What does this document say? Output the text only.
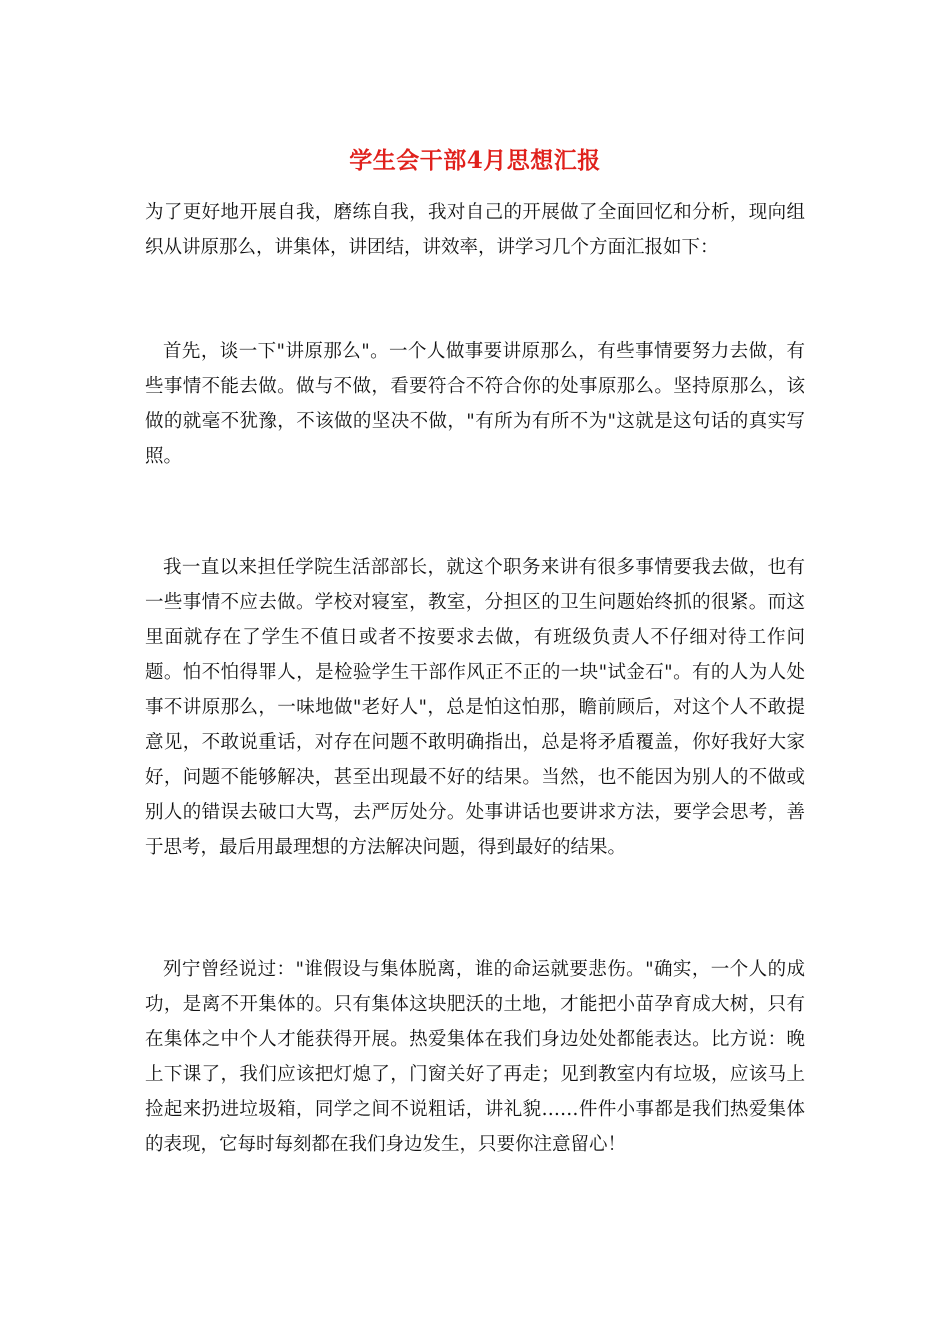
学生会干部4月思想汇报

为了更好地开展自我，磨练自我，我对自己的开展做了全面回忆和分析，现向组织从讲原那么，讲集体，讲团结，讲效率，讲学习几个方面汇报如下：

首先，谈一下"讲原那么"。一个人做事要讲原那么，有些事情要努力去做，有些事情不能去做。做与不做，看要符合不符合你的处事原那么。坚持原那么，该做的就毫不犹豫，不该做的坚决不做，"有所为有所不为"这就是这句话的真实写照。

我一直以来担任学院生活部部长，就这个职务来讲有很多事情要我去做，也有一些事情不应去做。学校对寝室，教室，分担区的卫生问题始终抓的很紧。而这里面就存在了学生不值日或者不按要求去做，有班级负责人不仔细对待工作问题。怕不怕得罪人，是检验学生干部作风正不正的一块"试金石"。有的人为人处事不讲原那么，一味地做"老好人"，总是怕这怕那，瞻前顾后，对这个人不敢提意见，不敢说重话，对存在问题不敢明确指出，总是将矛盾覆盖，你好我好大家好，问题不能够解决，甚至出现最不好的结果。当然，也不能因为别人的不做或别人的错误去破口大骂，去严厉处分。处事讲话也要讲求方法，要学会思考，善于思考，最后用最理想的方法解决问题，得到最好的结果。

列宁曾经说过："谁假设与集体脱离，谁的命运就要悲伤。"确实，一个人的成功，是离不开集体的。只有集体这块肥沃的土地，才能把小苗孕育成大树，只有在集体之中个人才能获得开展。热爱集体在我们身边处处都能表达。比方说：晚上下课了，我们应该把灯熄了，门窗关好了再走；见到教室内有垃圾，应该马上捡起来扔进垃圾箱，同学之间不说粗话，讲礼貌……件件小事都是我们热爱集体的表现，它每时每刻都在我们身边发生，只要你注意留心！
